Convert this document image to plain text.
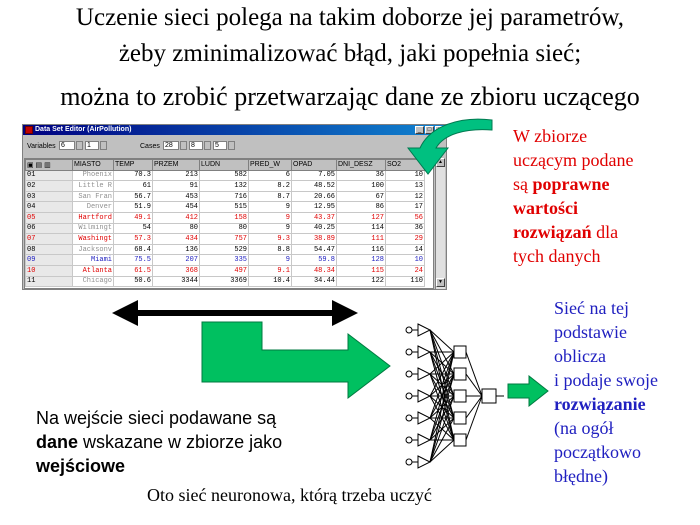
Uczenie sieci polega na takim doborze jej parametrów,
żeby zminimalizować błąd, jaki popełnia sieć;
można to zrobić przetwarzając dane ze zbioru uczącego
Data Set Editor (AirPollution)	_	□
Variables 6	1	Cases 28	8	5
▣ ▤ ▥	MIASTO	TEMP	PRZEM	LUDN	PRED_W	OPAD	DNI_DESZ	SO2
01	Phoenix	70.3	213	582	6	7.05	36	10
02	Little R	61	91	132	8.2	48.52	100	13
03	San Fran	56.7	453	716	8.7	20.66	67	12
04	Denver	51.9	454	515	9	12.95	86	17
05	Hartford	49.1	412	158	9	43.37	127	56
06	Wilmingt	54	80	80	9	40.25	114	36
07	Washingt	57.3	434	757	9.3	38.89	111	29
08	Jacksonv	68.4	136	529	8.8	54.47	116	14
09	Miami	75.5	207	335	9	59.8	128	10
10	Atlanta	61.5	368	497	9.1	48.34	115	24
11	Chicago	50.6	3344	3369	10.4	34.44	122	110
▲
▼
W zbiorze
uczącym podane
są poprawne
wartości
rozwiązań dla
tych danych
Sieć na tej
podstawie
oblicza
i podaje swoje
rozwiązanie
(na ogół
początkowo
błędne)
Na wejście sieci podawane są
dane wskazane w zbiorze jako
wejściowe
Oto sieć neuronowa, którą trzeba uczyć
